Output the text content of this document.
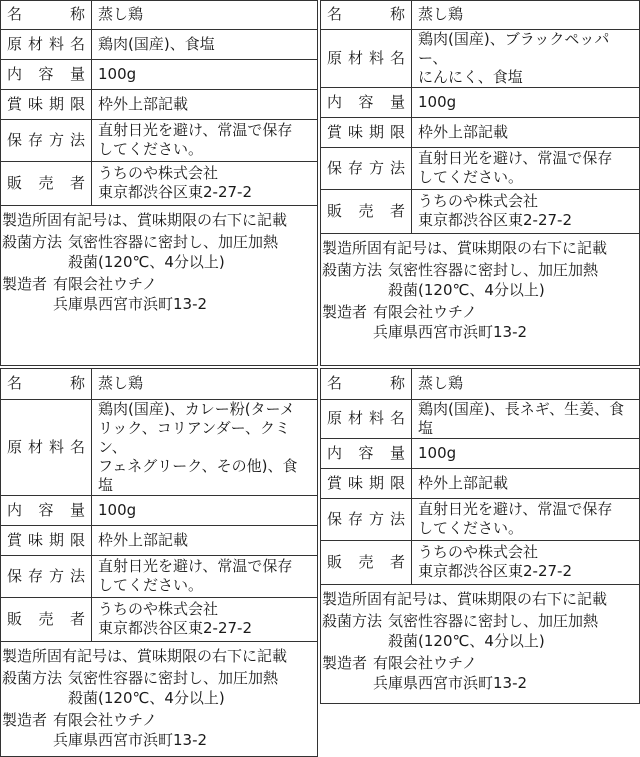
名　称	蒸し鶏
原材料名	鶏肉(国産)、食塩

内 容 量	100g
賞味期限	枠外上部記載
保存方法	直射日光を避け、常温で保存
してください。

販 売 者	うちのや株式会社
東京都渋谷区東2-27-2

製造所固有記号は、賞味期限の右下に記載

殺菌方法 気密性容器に密封し、加圧加熱
殺菌(120℃、4分以上)
製造者 有限会社ウチノ
兵庫県西宮市浜町13-2
名　称	蒸し鶏
原材料名	鶏肉(国産)、ブラックペッパー、
にんにく、食塩

内 容 量	100g
賞味期限	枠外上部記載
保存方法	直射日光を避け、常温で保存
してください。

販 売 者	うちのや株式会社
東京都渋谷区東2-27-2

製造所固有記号は、賞味期限の右下に記載

殺菌方法 気密性容器に密封し、加圧加熱
殺菌(120℃、4分以上)
製造者 有限会社ウチノ
兵庫県西宮市浜町13-2
名　称	蒸し鶏
原材料名	鶏肉(国産)、カレー粉(ターメ
リック、コリアンダー、クミン、
フェネグリーク、その他)、食塩

内 容 量	100g
賞味期限	枠外上部記載
保存方法	直射日光を避け、常温で保存
してください。

販 売 者	うちのや株式会社
東京都渋谷区東2-27-2

製造所固有記号は、賞味期限の右下に記載

殺菌方法 気密性容器に密封し、加圧加熱
殺菌(120℃、4分以上)
製造者 有限会社ウチノ
兵庫県西宮市浜町13-2
名　称	蒸し鶏
原材料名	鶏肉(国産)、長ネギ、生姜、食塩

内 容 量	100g
賞味期限	枠外上部記載
保存方法	直射日光を避け、常温で保存
してください。

販 売 者	うちのや株式会社
東京都渋谷区東2-27-2

製造所固有記号は、賞味期限の右下に記載

殺菌方法 気密性容器に密封し、加圧加熱
殺菌(120℃、4分以上)
製造者 有限会社ウチノ
兵庫県西宮市浜町13-2
